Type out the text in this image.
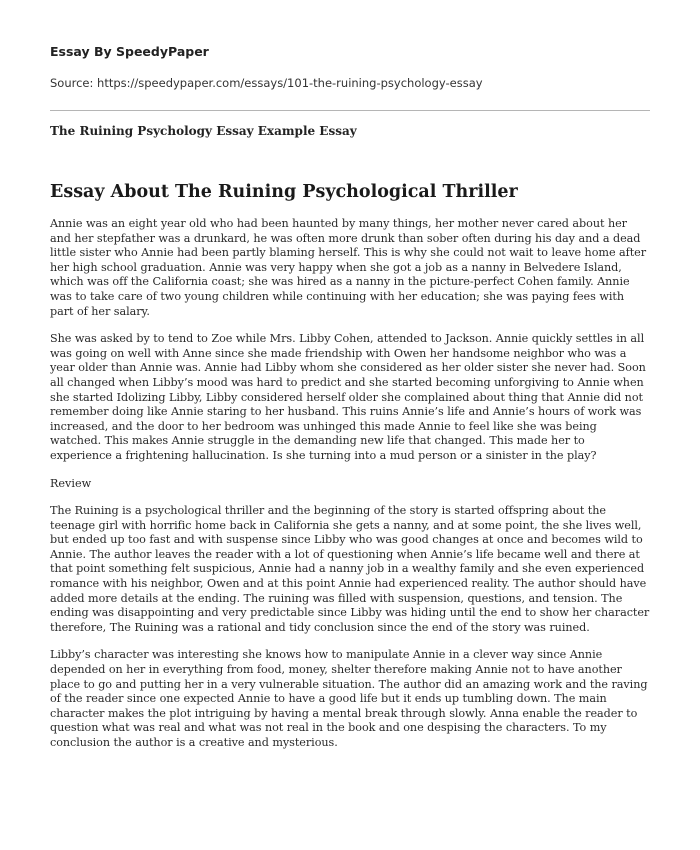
Essay By SpeedyPaper
Source: https://speedypaper.com/essays/101-the-ruining-psychology-essay
The Ruining Psychology Essay Example Essay
Essay About The Ruining Psychological Thriller

Annie was an eight year old who had been haunted by many things, her mother never cared about her and her stepfather was a drunkard, he was often more drunk than sober often during his day and a dead little sister who Annie had been partly blaming herself. This is why she could not wait to leave home after her high school graduation. Annie was very happy when she got a job as a nanny in Belvedere Island, which was off the California coast; she was hired as a nanny in the picture-perfect Cohen family. Annie was to take care of two young children while continuing with her education; she was paying fees with part of her salary.

She was asked by to tend to Zoe while Mrs. Libby Cohen, attended to Jackson. Annie quickly settles in all was going on well with Anne since she made friendship with Owen her handsome neighbor who was a year older than Annie was. Annie had Libby whom she considered as her older sister she never had. Soon all changed when Libby’s mood was hard to predict and she started becoming unforgiving to Annie when she started Idolizing Libby, Libby considered herself older she complained about thing that Annie did not remember doing like Annie staring to her husband. This ruins Annie’s life and Annie’s hours of work was increased, and the door to her bedroom was unhinged this made Annie to feel like she was being watched. This makes Annie struggle in the demanding new life that changed. This made her to experience a frightening hallucination. Is she turning into a mud person or a sinister in the play?

Review

The Ruining is a psychological thriller and the beginning of the story is started offspring about the teenage girl with horrific home back in California she gets a nanny, and at some point, the she lives well, but ended up too fast and with suspense since Libby who was good changes at once and becomes wild to Annie. The author leaves the reader with a lot of questioning when Annie’s life became well and there at that point something felt suspicious, Annie had a nanny job in a wealthy family and she even experienced romance with his neighbor, Owen and at this point Annie had experienced reality. The author should have added more details at the ending. The ruining was filled with suspension, questions, and tension. The ending was disappointing and very predictable since Libby was hiding until the end to show her character therefore, The Ruining was a rational and tidy conclusion since the end of the story was ruined.

Libby’s character was interesting she knows how to manipulate Annie in a clever way since Annie depended on her in everything from food, money, shelter therefore making Annie not to have another place to go and putting her in a very vulnerable situation. The author did an amazing work and the raving of the reader since one expected Annie to have a good life but it ends up tumbling down. The main character makes the plot intriguing by having a mental break through slowly. Anna enable the reader to question what was real and what was not real in the book and one despising the characters. To my conclusion the author is a creative and mysterious.
